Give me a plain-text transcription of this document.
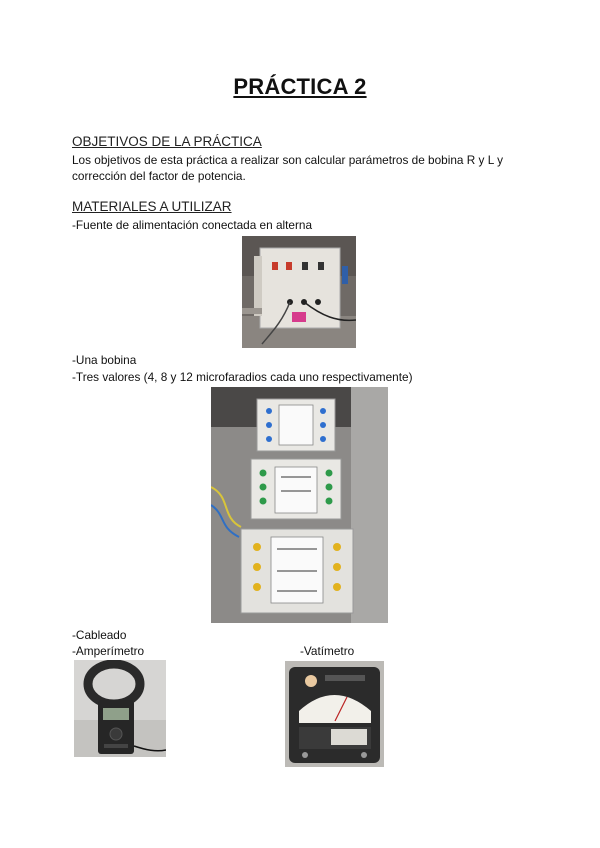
PRÁCTICA 2
OBJETIVOS DE LA PRÁCTICA
Los objetivos de esta práctica a realizar son calcular parámetros de bobina R y L y
corrección del factor de potencia.
MATERIALES A UTILIZAR
-Fuente de alimentación conectada en alterna
-Una bobina
-Tres valores (4, 8 y 12 microfaradios cada uno respectivamente)
-Cableado
-Amperímetro	-Vatímetro
